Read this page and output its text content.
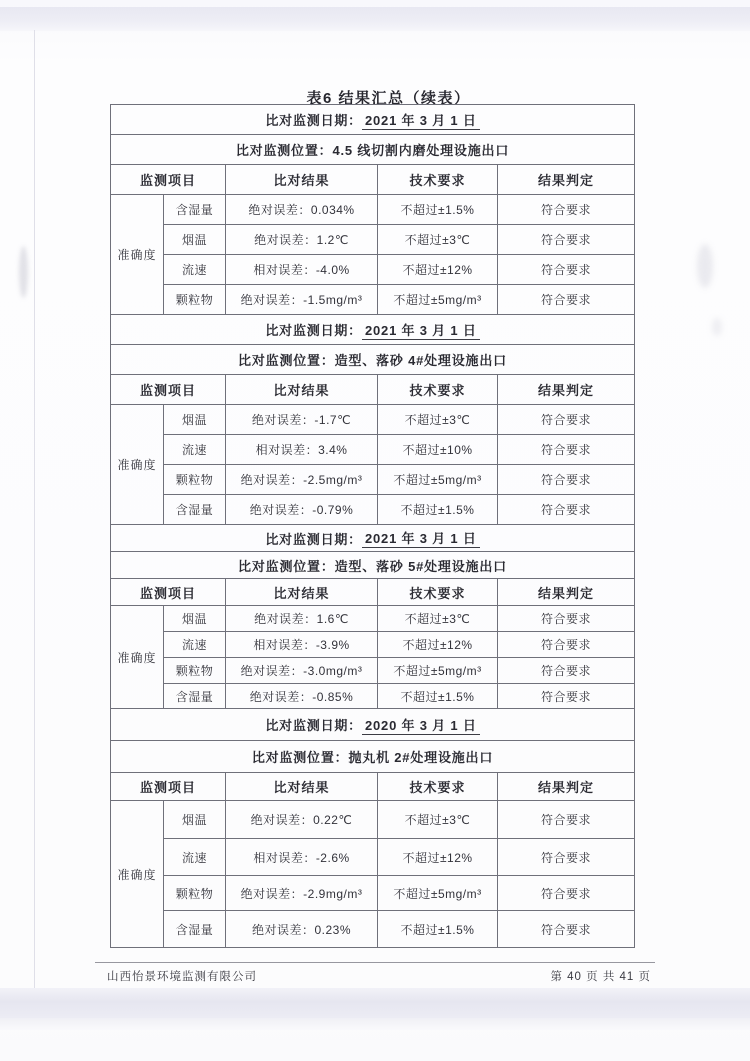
表6 结果汇总（续表）
比对监测日期： 2021 年 3 月 1 日
比对监测位置： 4.5 线切割内磨处理设施出口
监测项目	比对结果	技术要求	结果判定
准确度
含湿量	绝对误差：0.034%	不超过±1.5%	符合要求
烟温	绝对误差：1.2℃	不超过±3℃	符合要求
流速	相对误差：-4.0%	不超过±12%	符合要求
颗粒物	绝对误差：-1.5mg/m³	不超过±5mg/m³	符合要求
比对监测日期： 2021 年 3 月 1 日
比对监测位置： 造型、落砂 4#处理设施出口
监测项目	比对结果	技术要求	结果判定
准确度
烟温	绝对误差：-1.7℃	不超过±3℃	符合要求
流速	相对误差：3.4%	不超过±10%	符合要求
颗粒物	绝对误差：-2.5mg/m³	不超过±5mg/m³	符合要求
含湿量	绝对误差：-0.79%	不超过±1.5%	符合要求
比对监测日期： 2021 年 3 月 1 日
比对监测位置： 造型、落砂 5#处理设施出口
监测项目	比对结果	技术要求	结果判定
准确度
烟温	绝对误差：1.6℃	不超过±3℃	符合要求
流速	相对误差：-3.9%	不超过±12%	符合要求
颗粒物	绝对误差：-3.0mg/m³	不超过±5mg/m³	符合要求
含湿量	绝对误差：-0.85%	不超过±1.5%	符合要求
比对监测日期： 2020 年 3 月 1 日
比对监测位置： 抛丸机 2#处理设施出口
监测项目	比对结果	技术要求	结果判定
准确度
烟温	绝对误差：0.22℃	不超过±3℃	符合要求
流速	相对误差：-2.6%	不超过±12%	符合要求
颗粒物	绝对误差：-2.9mg/m³	不超过±5mg/m³	符合要求
含湿量	绝对误差：0.23%	不超过±1.5%	符合要求
山西怡景环境监测有限公司	第 40 页 共 41 页
